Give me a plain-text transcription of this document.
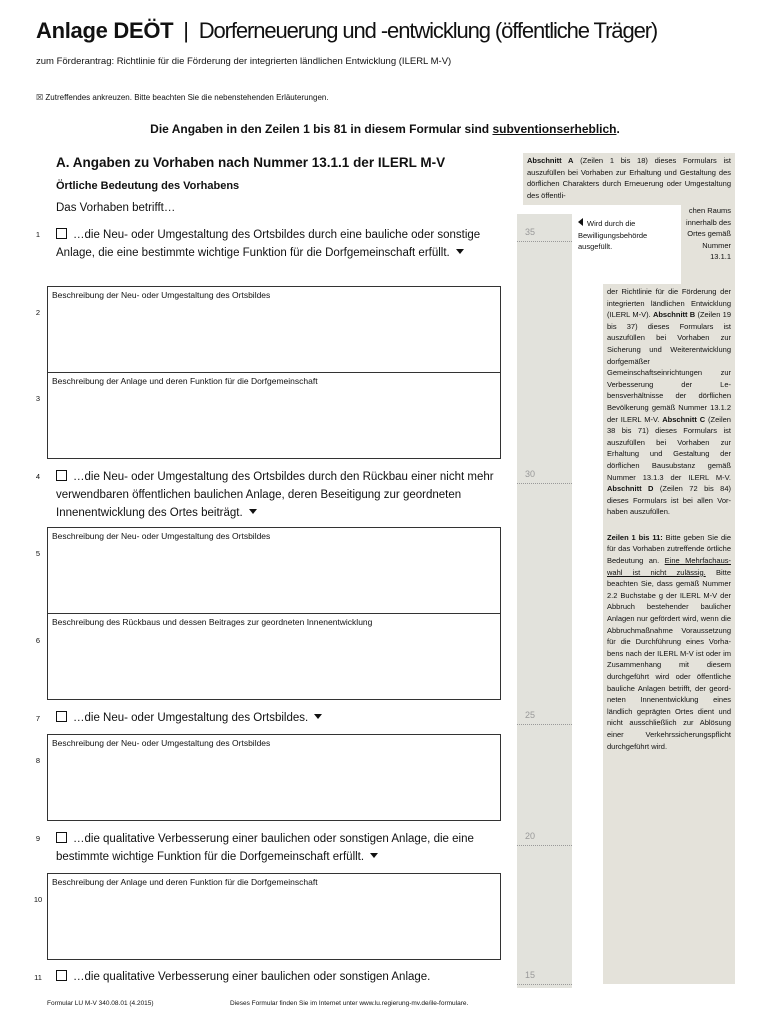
Anlage DEÖT | Dorferneuerung und -entwicklung (öffentliche Träger)
zum Förderantrag: Richtlinie für die Förderung der integrierten ländlichen Entwicklung (ILERL M-V)
☒ Zutreffendes ankreuzen. Bitte beachten Sie die nebenstehenden Erläuterungen.
Die Angaben in den Zeilen 1 bis 81 in diesem Formular sind subventionserheblich.
A. Angaben zu Vorhaben nach Nummer 13.1.1 der ILERL M-V
Örtliche Bedeutung des Vorhabens
Das Vorhaben betrifft…
1	…die Neu- oder Umgestaltung des Ortsbildes durch eine bauliche oder sonstige Anlage, die eine bestimmte wichtige Funktion für die Dorfgemeinschaft erfüllt.
2
Beschreibung der Neu- oder Umgestaltung des Ortsbildes
3
Beschreibung der Anlage und deren Funktion für die Dorfgemeinschaft
4	…die Neu- oder Umgestaltung des Ortsbildes durch den Rückbau einer nicht mehr verwendbaren öffentlichen baulichen Anlage, deren Beseitigung zur geordneten Innenentwicklung des Ortes beiträgt.
5
Beschreibung der Neu- oder Umgestaltung des Ortsbildes
6
Beschreibung des Rückbaus und dessen Beitrages zur geordneten Innenentwicklung
7	…die Neu- oder Umgestaltung des Ortsbildes.
8
Beschreibung der Neu- oder Umgestaltung des Ortsbildes
9	…die qualitative Verbesserung einer baulichen oder sonstigen Anlage, die eine bestimmte wichtige Funktion für die Dorfgemeinschaft erfüllt.
10
Beschreibung der Anlage und deren Funktion für die Dorfgemeinschaft
11	…die qualitative Verbesserung einer baulichen oder sonstigen Anlage.
35
30
25
20
15
Wird durch die Bewilligungsbehörde ausgefüllt.
Abschnitt A (Zeilen 1 bis 18) dieses Formulars ist auszufüllen bei Vorhaben zur Erhaltung und Gestaltung des dörflichen Charakters durch Erneuerung oder Umgestaltung des öffentli-
chen Raums innerhalb des Ortes gemäß Nummer 13.1.1
der Richtlinie für die Förderung der integrierten ländlichen Entwicklung (ILERL M-V). Abschnitt B (Zeilen 19 bis 37) dieses Formulars ist auszufüllen bei Vorhaben zur Sicherung und Weiterentwicklung dorfgemäßer Gemeinschaftseinrichtungen zur Verbesserung der Lebensverhältnisse der dörflichen Bevölkerung gemäß Nummer 13.1.2 der ILERL M-V. Abschnitt C (Zeilen 38 bis 71) dieses Formulars ist auszufüllen bei Vorhaben zur Erhaltung und Gestaltung der dörflichen Bausubstanz gemäß Nummer 13.1.3 der ILERL M-V. Abschnitt D (Zeilen 72 bis 84) dieses Formulars ist bei allen Vorhaben auszufüllen.
Zeilen 1 bis 11: Bitte geben Sie die für das Vorhaben zutreffende örtliche Bedeutung an. Eine Mehrfachauswahl ist nicht zulässig. Bitte beachten Sie, dass gemäß Nummer 2.2 Buchstabe g der ILERL M-V der Abbruch bestehender baulicher Anlagen nur gefördert wird, wenn die Abbruchmaßnahme Voraussetzung für die Durchführung eines Vorhabens nach der ILERL M-V ist oder im Zusammenhang mit diesem durchgeführt wird oder öffentliche bauliche Anlagen betrifft, der geordneten Innenentwicklung eines ländlich geprägten Ortes dient und nicht ausschließlich zur Ablösung einer Verkehrssicherungspflicht durchgeführt wird.
Formular LU M-V 340.08.01 (4.2015)	Dieses Formular finden Sie im Internet unter www.lu.regierung-mv.de/ile-formulare.
